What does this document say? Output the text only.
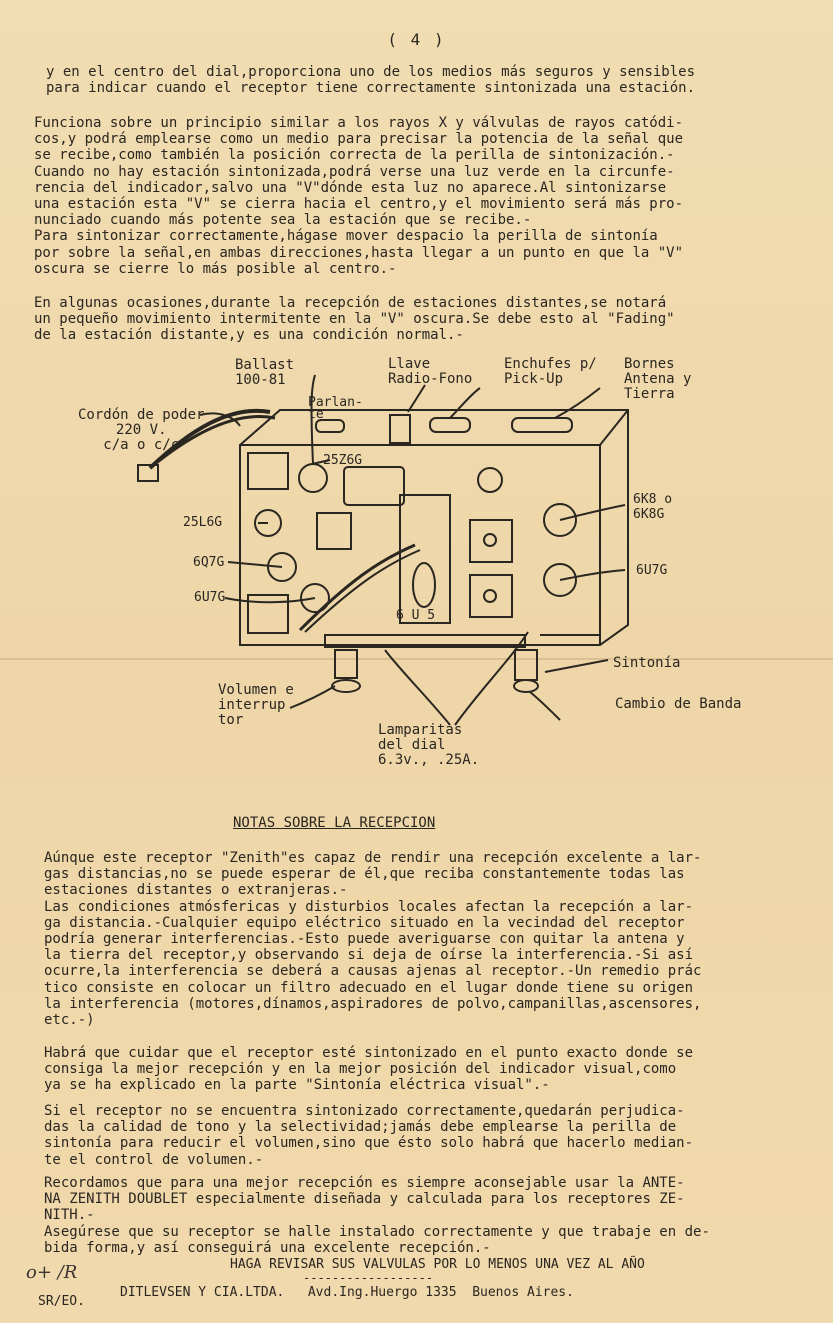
( 4 )
y en el centro del dial,proporciona uno de los medios más seguros y sensibles
para indicar cuando el receptor tiene correctamente sintonizada una estación.
Funciona sobre un principio similar a los rayos X y válvulas de rayos catódi-
cos,y podrá emplearse como un medio para precisar la potencia de la señal que
se recibe,como también la posición correcta de la perilla de sintonización.-
Cuando no hay estación sintonizada,podrá verse una luz verde en la circunfe-
rencia del indicador,salvo una "V"dónde esta luz no aparece.Al sintonizarse
una estación esta "V" se cierra hacia el centro,y el movimiento será más pro-
nunciado cuando más potente sea la estación que se recibe.-
Para sintonizar correctamente,hágase mover despacio la perilla de sintonía
por sobre la señal,en ambas direcciones,hasta llegar a un punto en que la "V"
oscura se cierre lo más posible al centro.-
En algunas ocasiones,durante la recepción de estaciones distantes,se notará
un pequeño movimiento intermitente en la "V" oscura.Se debe esto al "Fading"
de la estación distante,y es una condición normal.-
Ballast
100-81
Llave
Radio-Fono
Enchufes p/
Pick-Up
Bornes
Antena y
Tierra
Cordón de poder
220 V.
c/a o c/c
Parlan-
te
25Z6G
25L6G
6Q7G
6U7G
6K8 o
6K8G
6U7G
6 U 5
Sintonía
Volumen e
interrup
tor
Cambio de Banda
Lamparitas
del dial
6.3v., .25A.
NOTAS SOBRE LA RECEPCION
Aúnque este receptor "Zenith"es capaz de rendir una recepción excelente a lar-
gas distancias,no se puede esperar de él,que reciba constantemente todas las
estaciones distantes o extranjeras.-
Las condiciones atmósfericas y disturbios locales afectan la recepción a lar-
ga distancia.-Cualquier equipo eléctrico situado en la vecindad del receptor
podría generar interferencias.-Esto puede averiguarse con quitar la antena y
la tierra del receptor,y observando si deja de oírse la interferencia.-Si así
ocurre,la interferencia se deberá a causas ajenas al receptor.-Un remedio prác
tico consiste en colocar un filtro adecuado en el lugar donde tiene su origen
la interferencia (motores,dínamos,aspiradores de polvo,campanillas,ascensores,
etc.-)
Habrá que cuidar que el receptor esté sintonizado en el punto exacto donde se
consiga la mejor recepción y en la mejor posición del indicador visual,como
ya se ha explicado en la parte "Sintonía eléctrica visual".-
Si el receptor no se encuentra sintonizado correctamente,quedarán perjudica-
das la calidad de tono y la selectividad;jamás debe emplearse la perilla de
sintonía para reducir el volumen,sino que ésto solo habrá que hacerlo median-
te el control de volumen.-
Recordamos que para una mejor recepción es siempre aconsejable usar la ANTE-
NA ZENITH DOUBLET especialmente diseñada y calculada para los receptores ZE-
NITH.-
Asegúrese que su receptor se halle instalado correctamente y que trabaje en de-
bida forma,y así conseguirá una excelente recepción.-
HAGA REVISAR SUS VALVULAS POR LO MENOS UNA VEZ AL AÑO
------------------
o+ ∕R
SR/EO.
DITLEVSEN Y CIA.LTDA.   Avd.Ing.Huergo 1335  Buenos Aires.
